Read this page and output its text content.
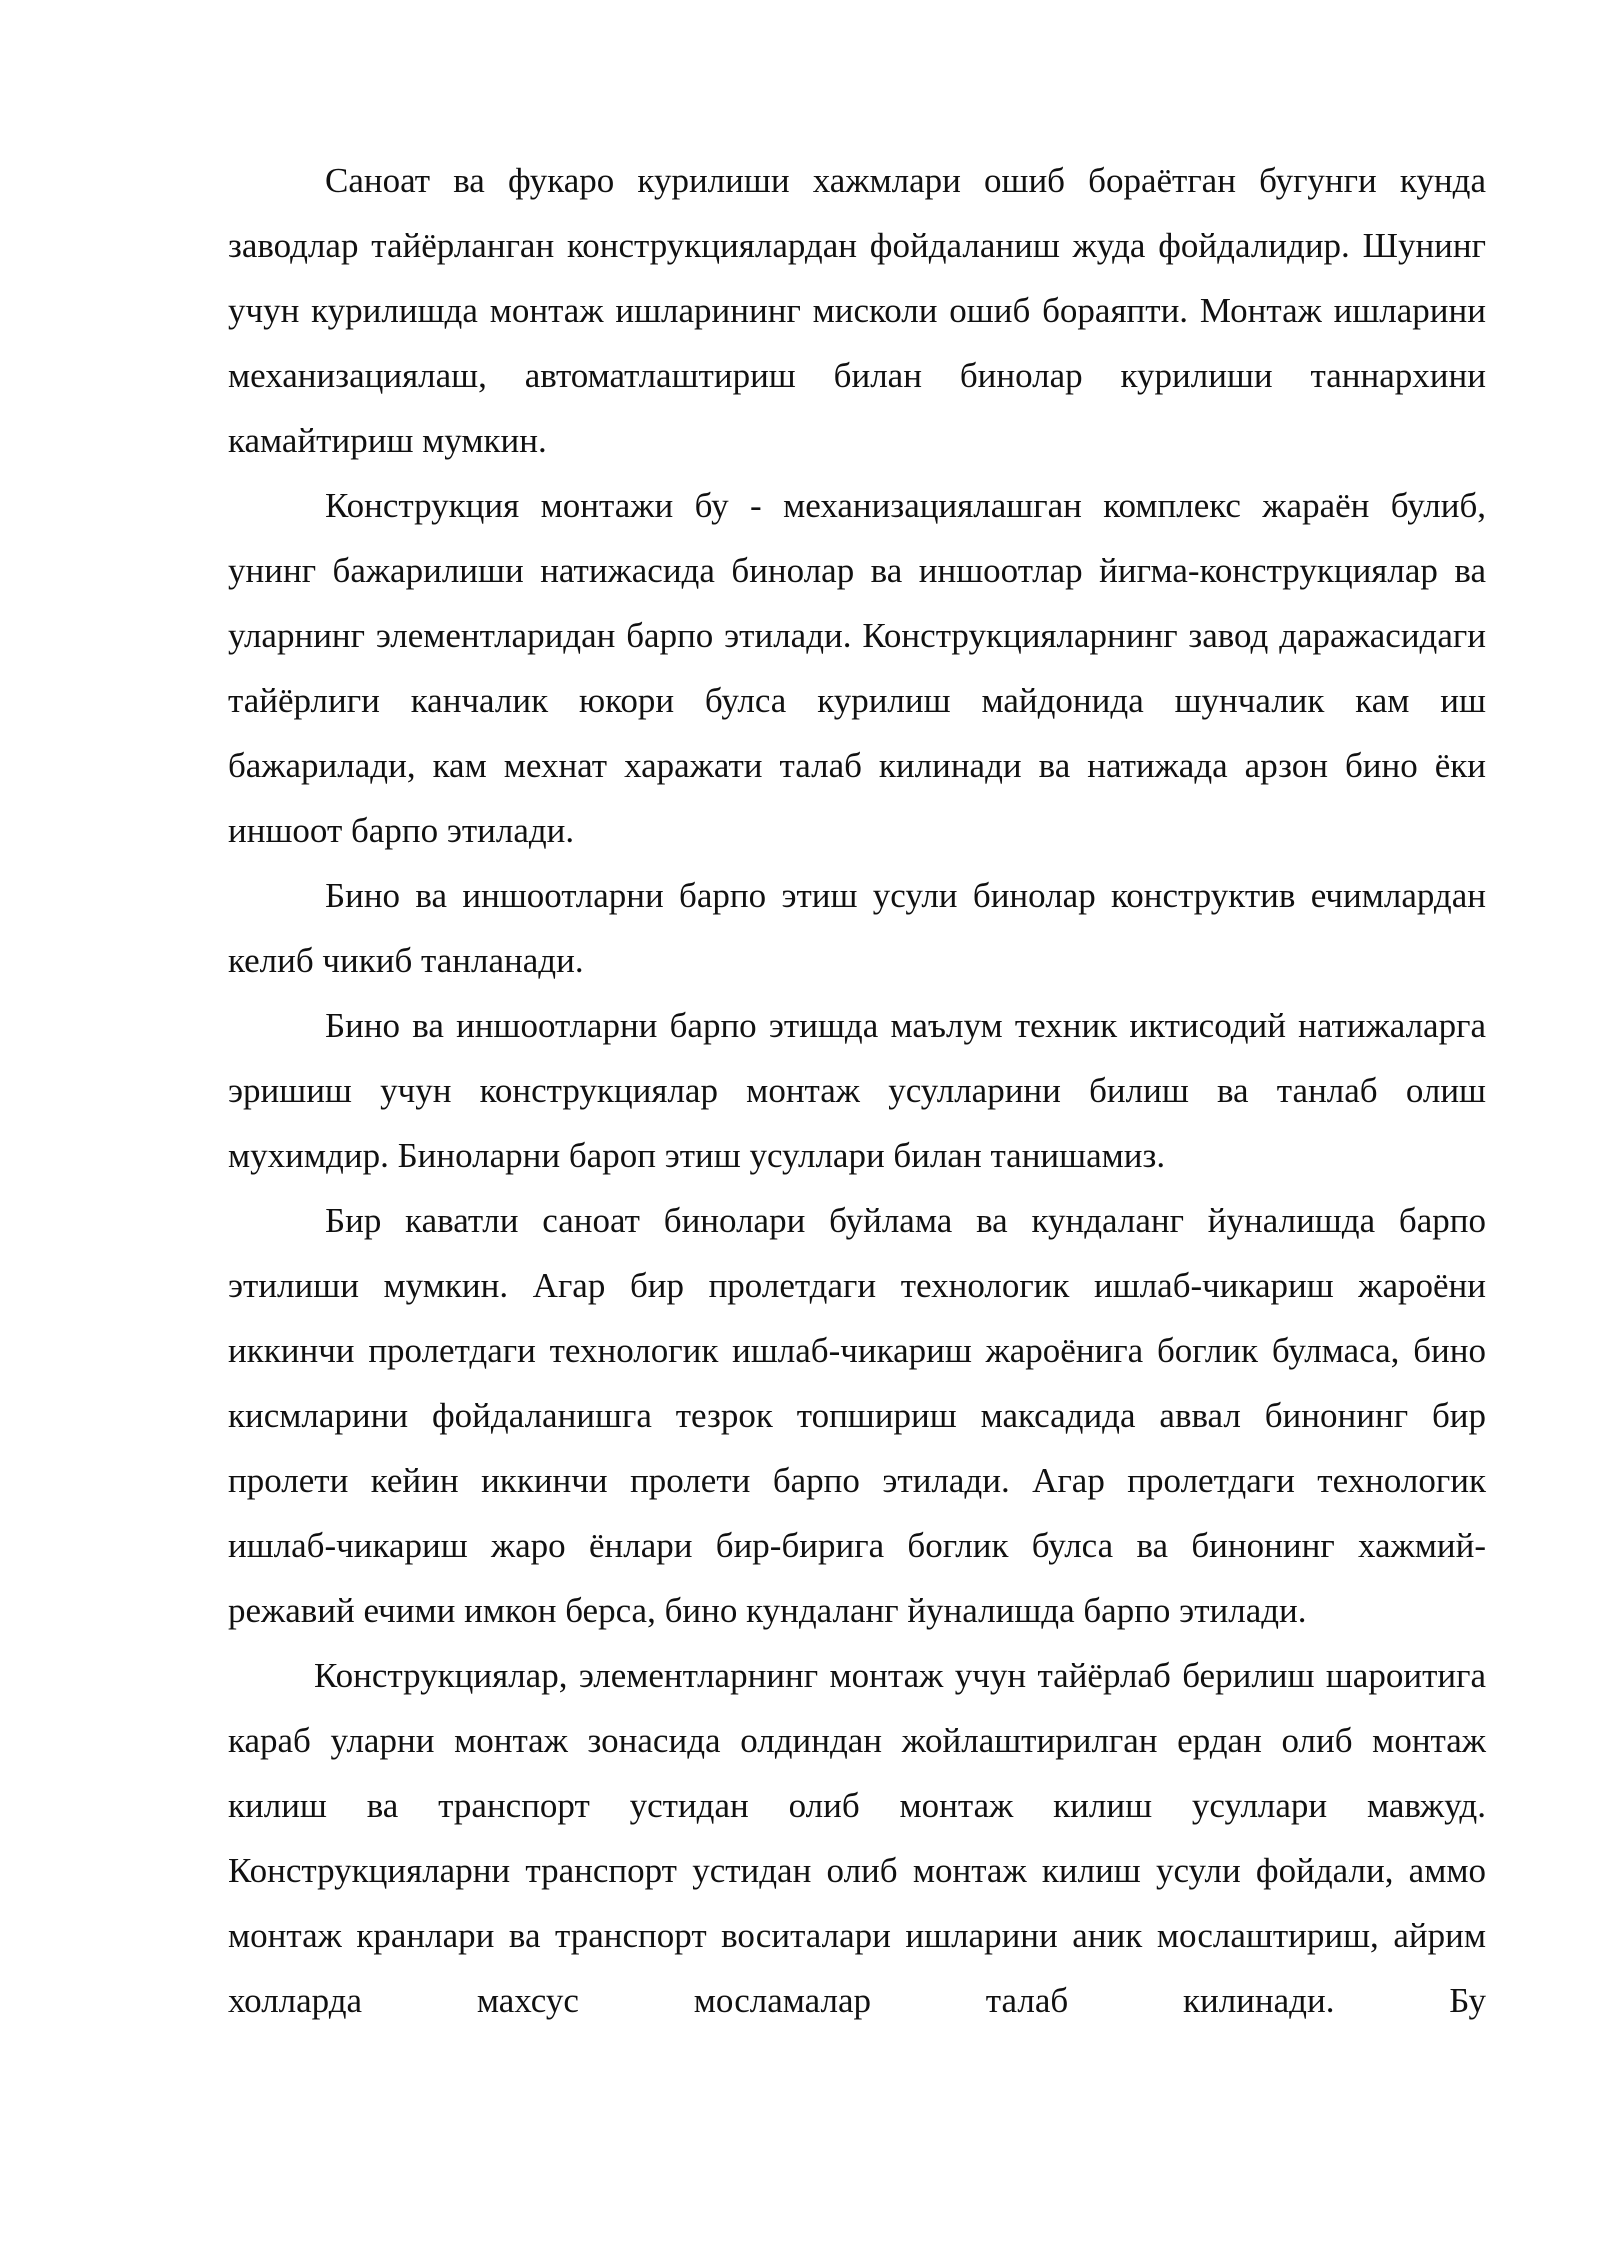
Саноат ва фукаро курилиши хажмлари ошиб бораётган бугунги кунда заводлар тайёрланган конструкциялардан фойдаланиш жуда фойдалидир. Шунинг учун курилишда монтаж ишларининг мисколи ошиб бораяпти. Монтаж ишларини механизациялаш, автоматлаштириш билан бинолар курилиши таннархини камайтириш мумкин.

Конструкция монтажи бу - механизациялашган комплекс жараён булиб, унинг бажарилиши натижасида бинолар ва иншоотлар йигма-конструкциялар ва уларнинг элементларидан барпо этилади. Конструкцияларнинг завод даражасидаги тайёрлиги канчалик юкори булса курилиш майдонида шунчалик кам иш бажарилади, кам мехнат харажати талаб килинади ва натижада арзон бино ёки иншоот барпо этилади.

Бино ва иншоотларни барпо этиш усули бинолар конструктив ечимлардан келиб чикиб танланади.

Бино ва иншоотларни барпо этишда маълум техник иктисодий натижаларга эришиш учун конструкциялар монтаж усулларини билиш ва танлаб олиш мухимдир. Биноларни бароп этиш усуллари билан танишамиз.

Бир каватли саноат бинолари буйлама ва кундаланг йуналишда барпо этилиши мумкин. Агар бир пролетдаги технологик ишлаб-чикариш жароёни иккинчи пролетдаги технологик ишлаб-чикариш жароёнига боглик булмаса, бино кисмларини фойдаланишга тезрок топшириш максадида аввал бинонинг бир пролети кейин иккинчи пролети барпо этилади. Агар пролетдаги технологик ишлаб-чикариш жаро ёнлари бир-бирига боглик булса ва бинонинг хажмий-режавий ечими имкон берса, бино кундаланг йуналишда барпо этилади.

Конструкциялар, элементларнинг монтаж учун тайёрлаб берилиш шароитига караб уларни монтаж зонасида олдиндан жойлаштирилган ердан олиб монтаж килиш ва транспорт устидан олиб монтаж килиш усуллари мавжуд. Конструкцияларни транспорт устидан олиб монтаж килиш усули фойдали, аммо монтаж кранлари ва транспорт воситалари ишларини аник мослаштириш, айрим холларда махсус мосламалар талаб килинади. Бу
